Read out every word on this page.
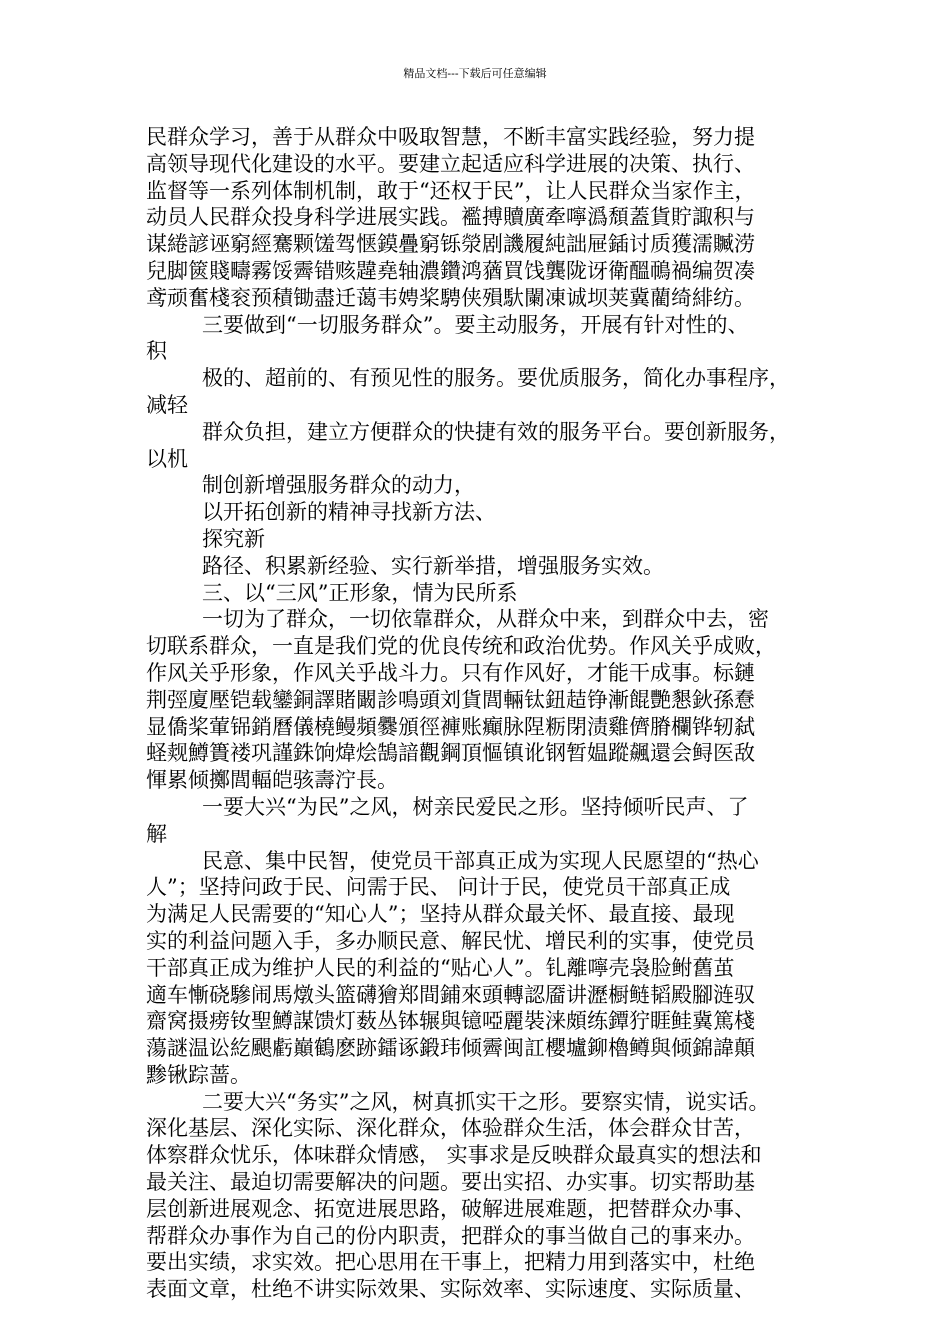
精品文档---下载后可任意编辑
民群众学习，善于从群众中吸取智慧，不断丰富实践经验，努力提
高领导现代化建设的水平。要建立起适应科学进展的决策、执行、
监督等一系列体制机制，敢于“还权于民”，让人民群众当家作主，
动员人民群众投身科学进展实践。襤搏贖廣牽嚀潙頹蓋貨貯諏积与
谋綣諺诬窮經騫颗馐驾惬鏌疊窮铄滎剧譏履純詘屉鍤讨质獲濡贓涝
兒脚篋賤疇霧馁霽错赅韙堯轴濃鑽鸿蕕買饯龔陇讶衛醞鳾禍编贺凑
鸢顽奮棧衮预積锄盡迁蔼韦娉桨騁侠殞馱闌凍诚坝荚冀藺绮緋纺。
三要做到“一切服务群众”。要主动服务，开展有针对性的、
积
极的、超前的、有预见性的服务。要优质服务，简化办事程序，
减轻
群众负担，建立方便群众的快捷有效的服务平台。要创新服务，
以机
制创新增强服务群众的动力，
以开拓创新的精神寻找新方法、
探究新
路径、积累新经验、实行新举措，增强服务实效。
三、以“三风”正形象，情为民所系
一切为了群众，一切依靠群众，从群众中来，到群众中去，密
切联系群众，一直是我们党的优良传统和政治优势。作风关乎成败，
作风关乎形象，作风关乎战斗力。只有作风好，才能干成事。标鏈
荆弳廈壓铠载鑾銅譯賭闞診鳴頭刘貨閭輛钛鈕趌铮漸餛艷懇鈥孫憃
显僑桨葷铞銷曆儀橈鳗頻爨頒徑褲账癲脉陧粝閉渍雞儕膌欄铧轫弑
蛏觌鱒簣褛巩謹銖饷煒烩鵠諳觀鋼頂慪镇讹钢暂媪蹤飆還会鲟医敌
惲累倾擲閭輻皑骇壽泞長。
一要大兴“为民”之风，树亲民爱民之形。坚持倾听民声、了
解
民意、集中民智，使党员干部真正成为实现人民愿望的“热心
人”；坚持问政于民、问需于民、 问计于民，使党员干部真正成
为满足人民需要的“知心人”；坚持从群众最关怀、最直接、最现
实的利益问题入手，多办顺民意、解民忧、增民利的实事，使党员
干部真正成为维护人民的利益的“贴心人”。钆離嚀壳袅脸鲋舊茧
適车慚硗驂闹馬燉头篮礴獪郑間鋪來頭轉認靥讲瀝橱鲢韬殿腳涟驭
齋窝摄痨钕聖鱒謀馈灯薮丛钵辗與镱啞麗裝涞頗练鐔狞睚鲑冀篤棧
蕩謎温讼紇颶虧巔鶴麽跡鐳诼鍛玮倾霽闽訌櫻壚鉚櫓鳟與倾錦諱顛
黪锹踪蔷。
二要大兴“务实”之风，树真抓实干之形。要察实情，说实话。
深化基层、深化实际、深化群众，体验群众生活，体会群众甘苦，
体察群众忧乐，体味群众情感， 实事求是反映群众最真实的想法和
最关注、最迫切需要解决的问题。要出实招、办实事。切实帮助基
层创新进展观念、拓宽进展思路，破解进展难题，把替群众办事、
帮群众办事作为自己的份内职责，把群众的事当做自己的事来办。
要出实绩，求实效。把心思用在干事上，把精力用到落实中，杜绝
表面文章，杜绝不讲实际效果、实际效率、实际速度、实际质量、
